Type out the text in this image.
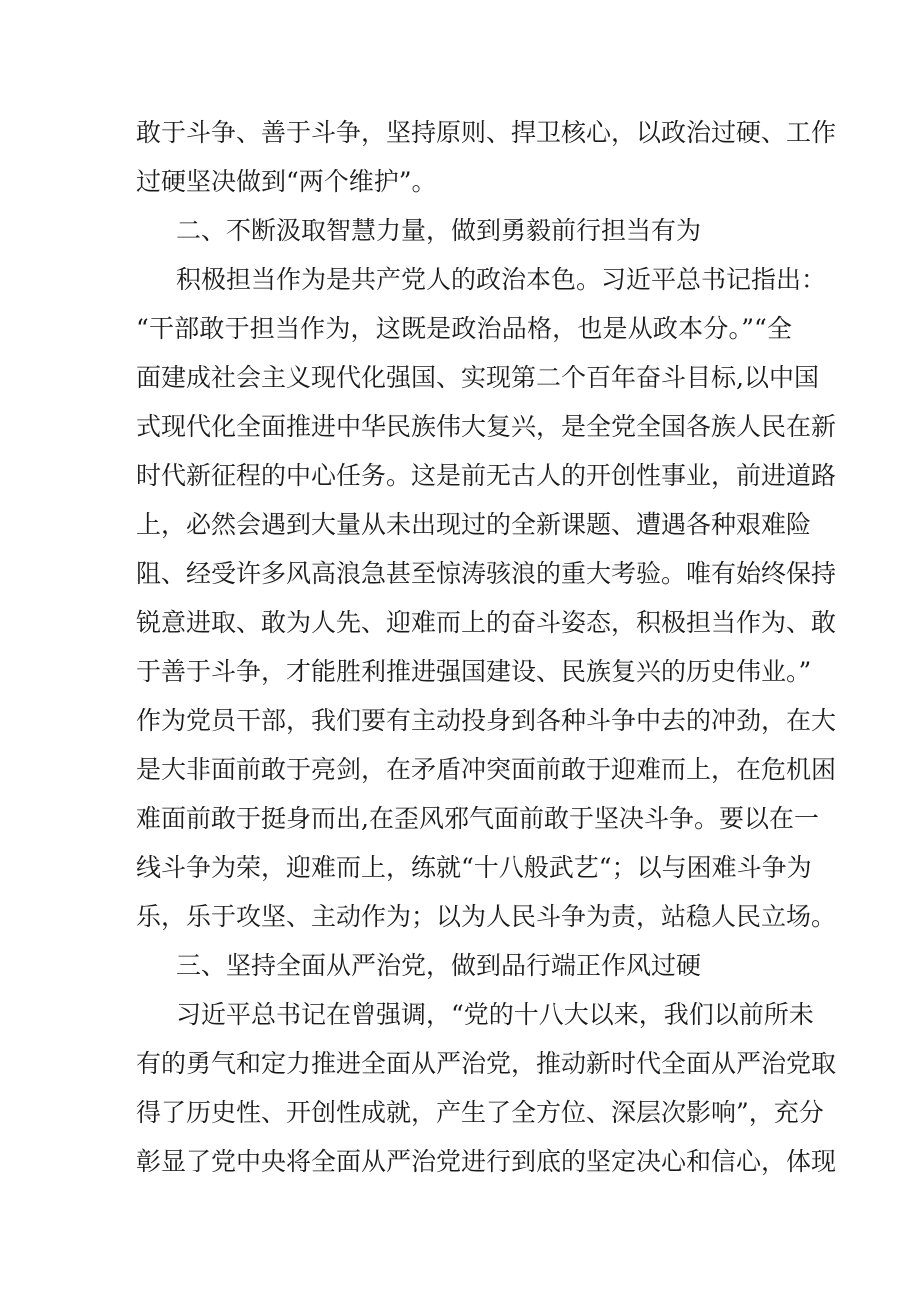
敢于斗争、善于斗争，坚持原则、捍卫核心，以政治过硬、工作
过硬坚决做到“两个维护”。
二、不断汲取智慧力量，做到勇毅前行担当有为
积极担当作为是共产党人的政治本色。习近平总书记指出：
“干部敢于担当作为，这既是政治品格，也是从政本分。”“全
面建成社会主义现代化强国、实现第二个百年奋斗目标,以中国
式现代化全面推进中华民族伟大复兴，是全党全国各族人民在新
时代新征程的中心任务。这是前无古人的开创性事业，前进道路
上，必然会遇到大量从未出现过的全新课题、遭遇各种艰难险
阻、经受许多风高浪急甚至惊涛骇浪的重大考验。唯有始终保持
锐意进取、敢为人先、迎难而上的奋斗姿态，积极担当作为、敢
于善于斗争，才能胜利推进强国建设、民族复兴的历史伟业。”
作为党员干部，我们要有主动投身到各种斗争中去的冲劲，在大
是大非面前敢于亮剑，在矛盾冲突面前敢于迎难而上，在危机困
难面前敢于挺身而出,在歪风邪气面前敢于坚决斗争。要以在一
线斗争为荣，迎难而上，练就“十八般武艺“；以与困难斗争为
乐，乐于攻坚、主动作为；以为人民斗争为责，站稳人民立场。
三、坚持全面从严治党，做到品行端正作风过硬
习近平总书记在曾强调，“党的十八大以来，我们以前所未
有的勇气和定力推进全面从严治党，推动新时代全面从严治党取
得了历史性、开创性成就，产生了全方位、深层次影响”，充分
彰显了党中央将全面从严治党进行到底的坚定决心和信心，体现
